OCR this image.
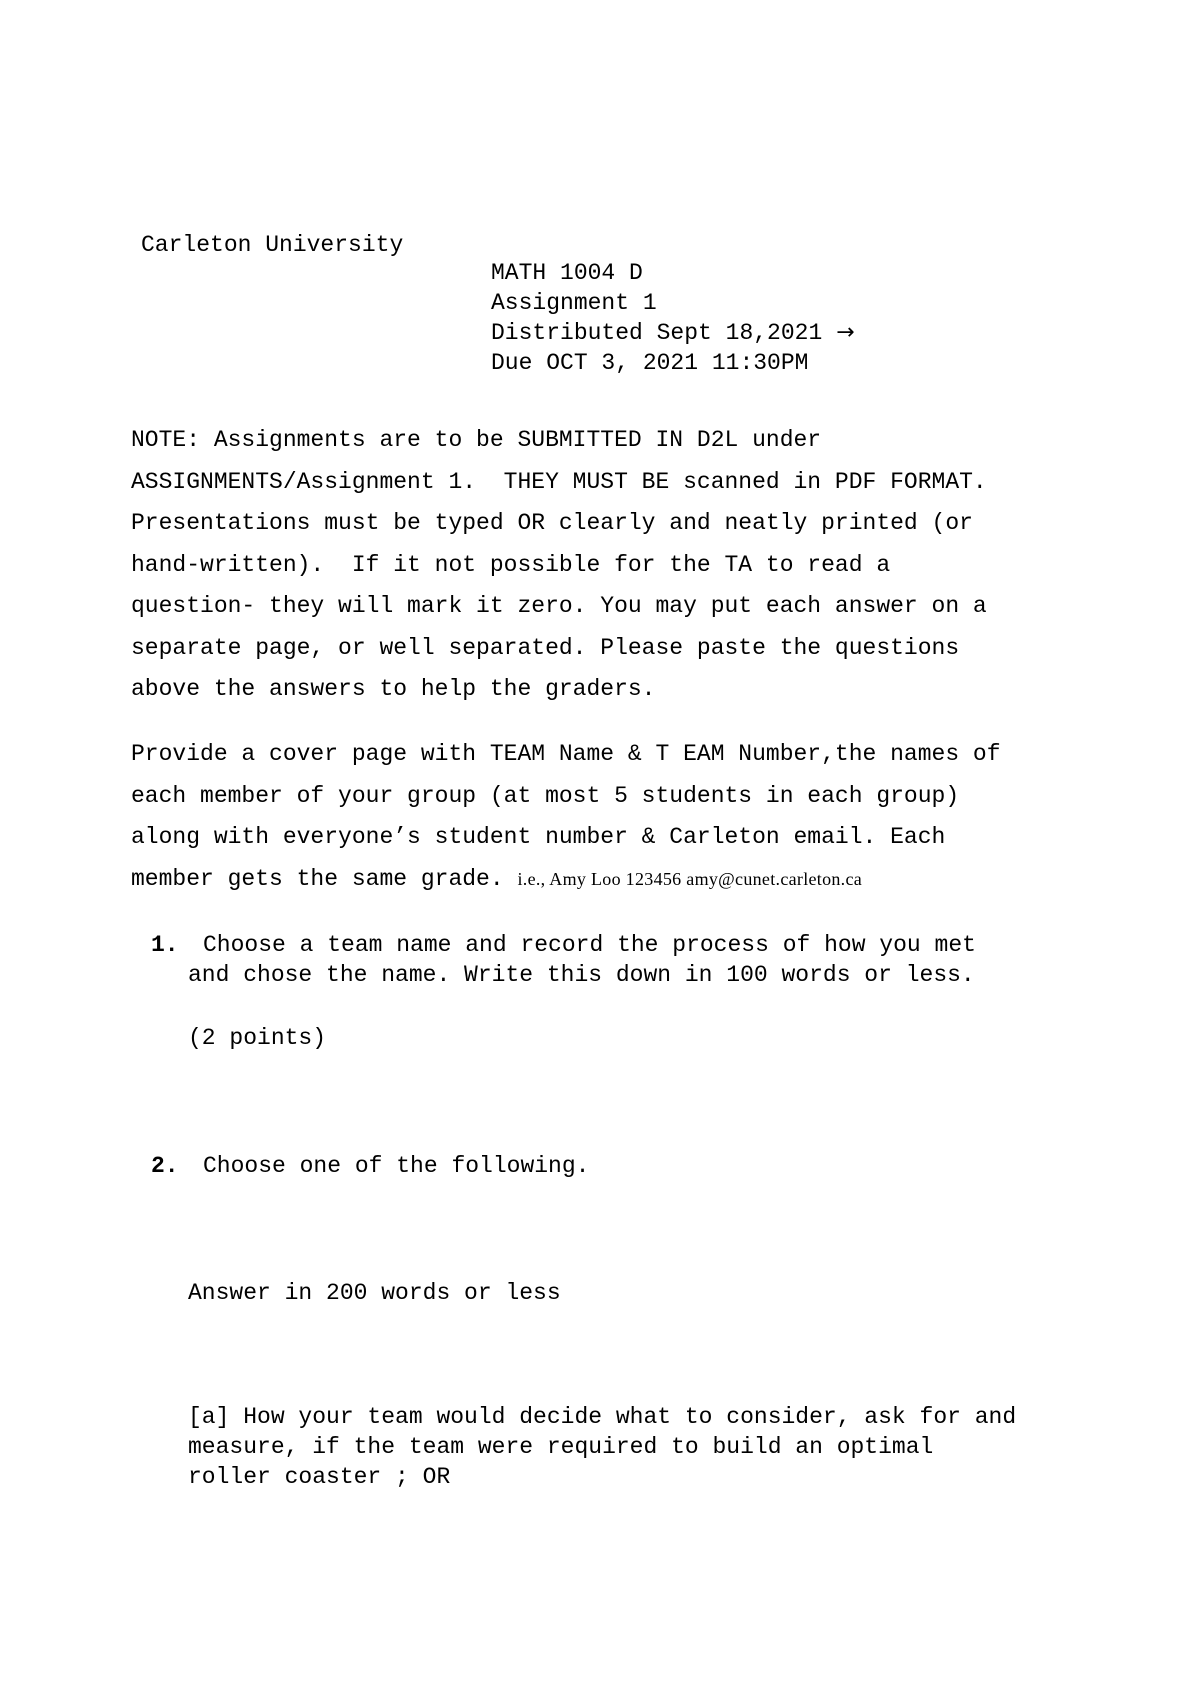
Carleton University
MATH 1004 D
Assignment 1
Distributed Sept 18,2021 →
Due OCT 3, 2021 11:30PM
NOTE: Assignments are to be SUBMITTED IN D2L under
ASSIGNMENTS/Assignment 1.  THEY MUST BE scanned in PDF FORMAT.
Presentations must be typed OR clearly and neatly printed (or
hand-written).  If it not possible for the TA to read a
question- they will mark it zero. You may put each answer on a
separate page, or well separated. Please paste the questions
above the answers to help the graders.
Provide a cover page with TEAM Name & T EAM Number,the names of
each member of your group (at most 5 students in each group)
along with everyone’s student number & Carleton email. Each
member gets the same grade. i.e., Amy Loo 123456 amy@cunet.carleton.ca
1. Choose a team name and record the process of how you met
and chose the name. Write this down in 100 words or less.
(2 points)
2. Choose one of the following.
Answer in 200 words or less
[a] How your team would decide what to consider, ask for and
measure, if the team were required to build an optimal
roller coaster ; OR
